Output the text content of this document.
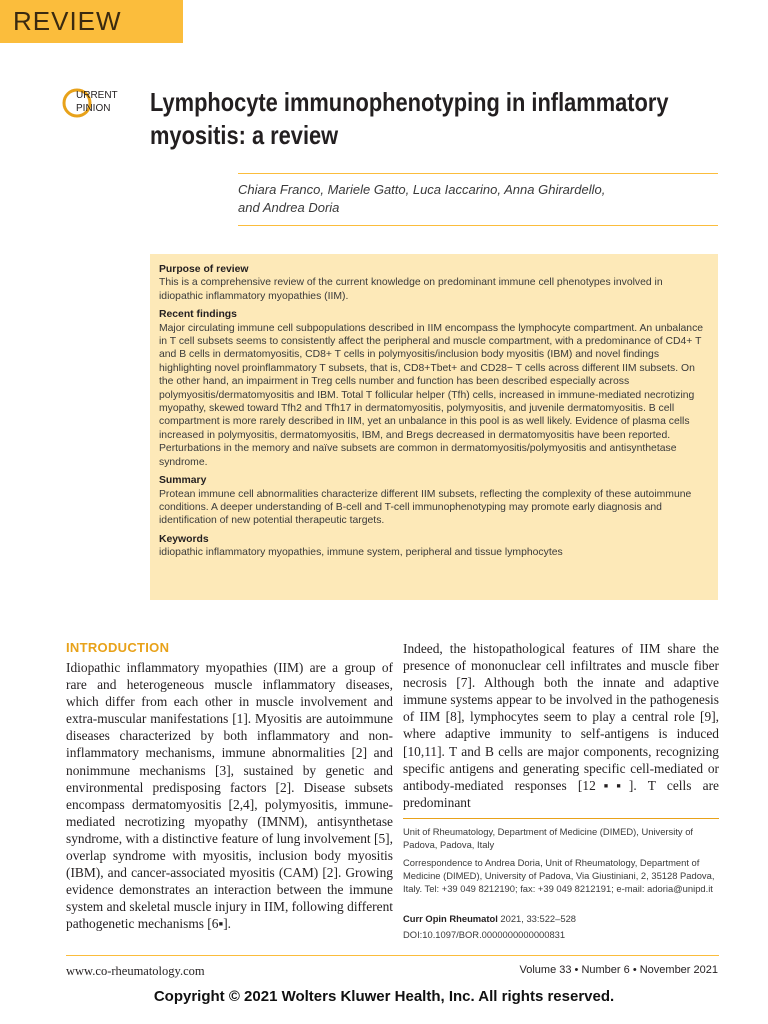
REVIEW
URRENT
PINION Lymphocyte immunophenotyping in inflammatory
myositis: a review
Chiara Franco, Mariele Gatto, Luca Iaccarino, Anna Ghirardello,
and Andrea Doria
Purpose of review

This is a comprehensive review of the current knowledge on predominant immune cell phenotypes involved in idiopathic inflammatory myopathies (IIM).

Recent findings

Major circulating immune cell subpopulations described in IIM encompass the lymphocyte compartment. An unbalance in T cell subsets seems to consistently affect the peripheral and muscle compartment, with a predominance of CD4+ T and B cells in dermatomyositis, CD8+ T cells in polymyositis/inclusion body myositis (IBM) and novel findings highlighting novel proinflammatory T subsets, that is, CD8+Tbet+ and CD28− T cells across different IIM subsets. On the other hand, an impairment in Treg cells number and function has been described especially across polymyositis/dermatomyositis and IBM. Total T follicular helper (Tfh) cells, increased in immune-mediated necrotizing myopathy, skewed toward Tfh2 and Tfh17 in dermatomyositis, polymyositis, and juvenile dermatomyositis. B cell compartment is more rarely described in IIM, yet an unbalance in this pool is as well likely. Evidence of plasma cells increased in polymyositis, dermatomyositis, IBM, and Bregs decreased in dermatomyositis have been reported. Perturbations in the memory and naïve subsets are common in dermatomyositis/polymyositis and antisynthetase syndrome.

Summary

Protean immune cell abnormalities characterize different IIM subsets, reflecting the complexity of these autoimmune conditions. A deeper understanding of B-cell and T-cell immunophenotyping may promote early diagnosis and identification of new potential therapeutic targets.

Keywords

idiopathic inflammatory myopathies, immune system, peripheral and tissue lymphocytes

INTRODUCTION

Idiopathic inflammatory myopathies (IIM) are a group of rare and heterogeneous muscle inflammatory diseases, which differ from each other in muscle involvement and extra-muscular manifestations [1]. Myositis are autoimmune diseases characterized by both inflammatory and non-inflammatory mechanisms, immune abnormalities [2] and nonimmune mechanisms [3], sustained by genetic and environmental predisposing factors [2]. Disease subsets encompass dermatomyositis [2,4], polymyositis, immune-mediated necrotizing myopathy (IMNM), antisynthetase syndrome, with a distinctive feature of lung involvement [5], overlap syndrome with myositis, inclusion body myositis (IBM), and cancer-associated myositis (CAM) [2]. Growing evidence demonstrates an interaction between the immune system and skeletal muscle injury in IIM, following different pathogenetic mechanisms [6▪].

Indeed, the histopathological features of IIM share the presence of mononuclear cell infiltrates and muscle fiber necrosis [7]. Although both the innate and adaptive immune systems appear to be involved in the pathogenesis of IIM [8], lymphocytes seem to play a central role [9], where adaptive immunity to self-antigens is induced [10,11]. T and B cells are major components, recognizing specific antigens and generating specific cell-mediated or antibody-mediated responses [12▪▪]. T cells are predominant

Unit of Rheumatology, Department of Medicine (DIMED), University of Padova, Padova, Italy

Correspondence to Andrea Doria, Unit of Rheumatology, Department of Medicine (DIMED), University of Padova, Via Giustiniani, 2, 35128 Padova, Italy. Tel: +39 049 8212190; fax: +39 049 8212191; e-mail: adoria@unipd.it

Curr Opin Rheumatol 2021, 33:522–528

DOI:10.1097/BOR.0000000000000831

www.co-rheumatology.com	Volume 33 • Number 6 • November 2021
Copyright © 2021 Wolters Kluwer Health, Inc. All rights reserved.
